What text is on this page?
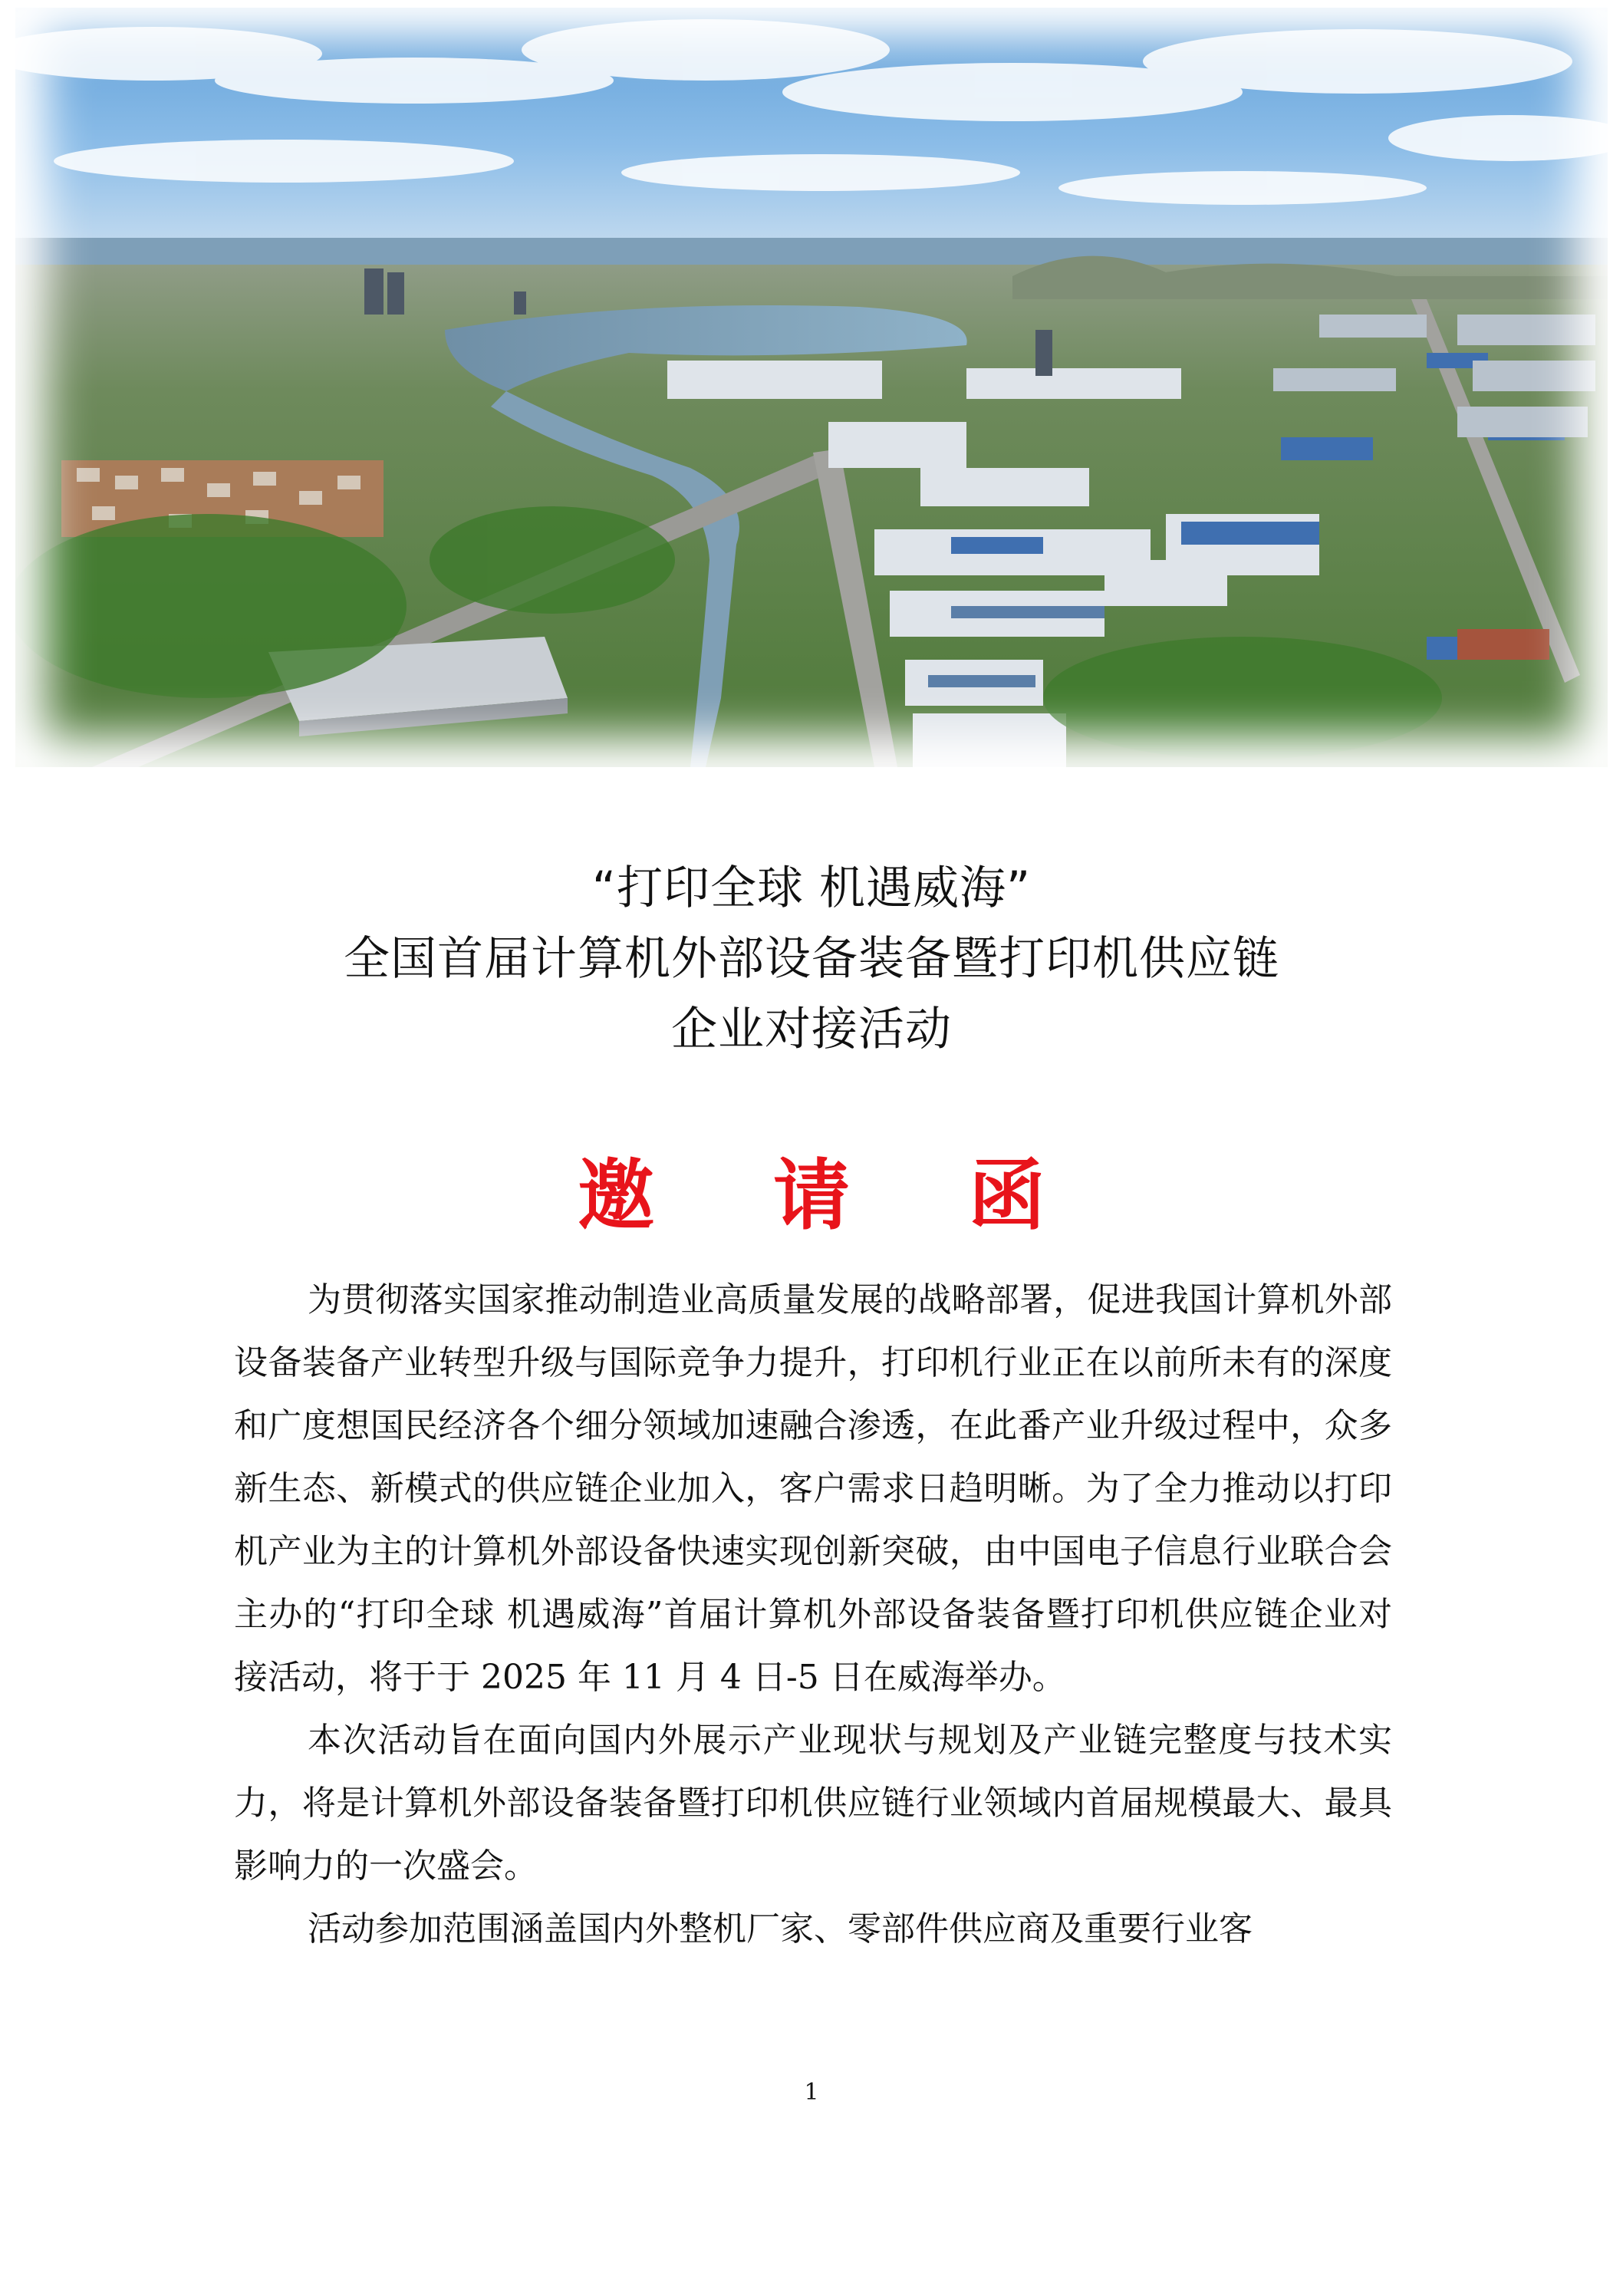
“打印全球 机遇威海”
全国首届计算机外部设备装备暨打印机供应链
企业对接活动
邀 请 函

为贯彻落实国家推动制造业高质量发展的战略部署，促进我国计算机外部设备装备产业转型升级与国际竞争力提升，打印机行业正在以前所未有的深度和广度想国民经济各个细分领域加速融合渗透，在此番产业升级过程中，众多新生态、新模式的供应链企业加入，客户需求日趋明晰。为了全力推动以打印机产业为主的计算机外部设备快速实现创新突破，由中国电子信息行业联合会主办的“打印全球 机遇威海”首届计算机外部设备装备暨打印机供应链企业对接活动，将于于 2025 年 11 月 4 日-5 日在威海举办。

本次活动旨在面向国内外展示产业现状与规划及产业链完整度与技术实力，将是计算机外部设备装备暨打印机供应链行业领域内首届规模最大、最具影响力的一次盛会。

活动参加范围涵盖国内外整机厂家、零部件供应商及重要行业客

1
